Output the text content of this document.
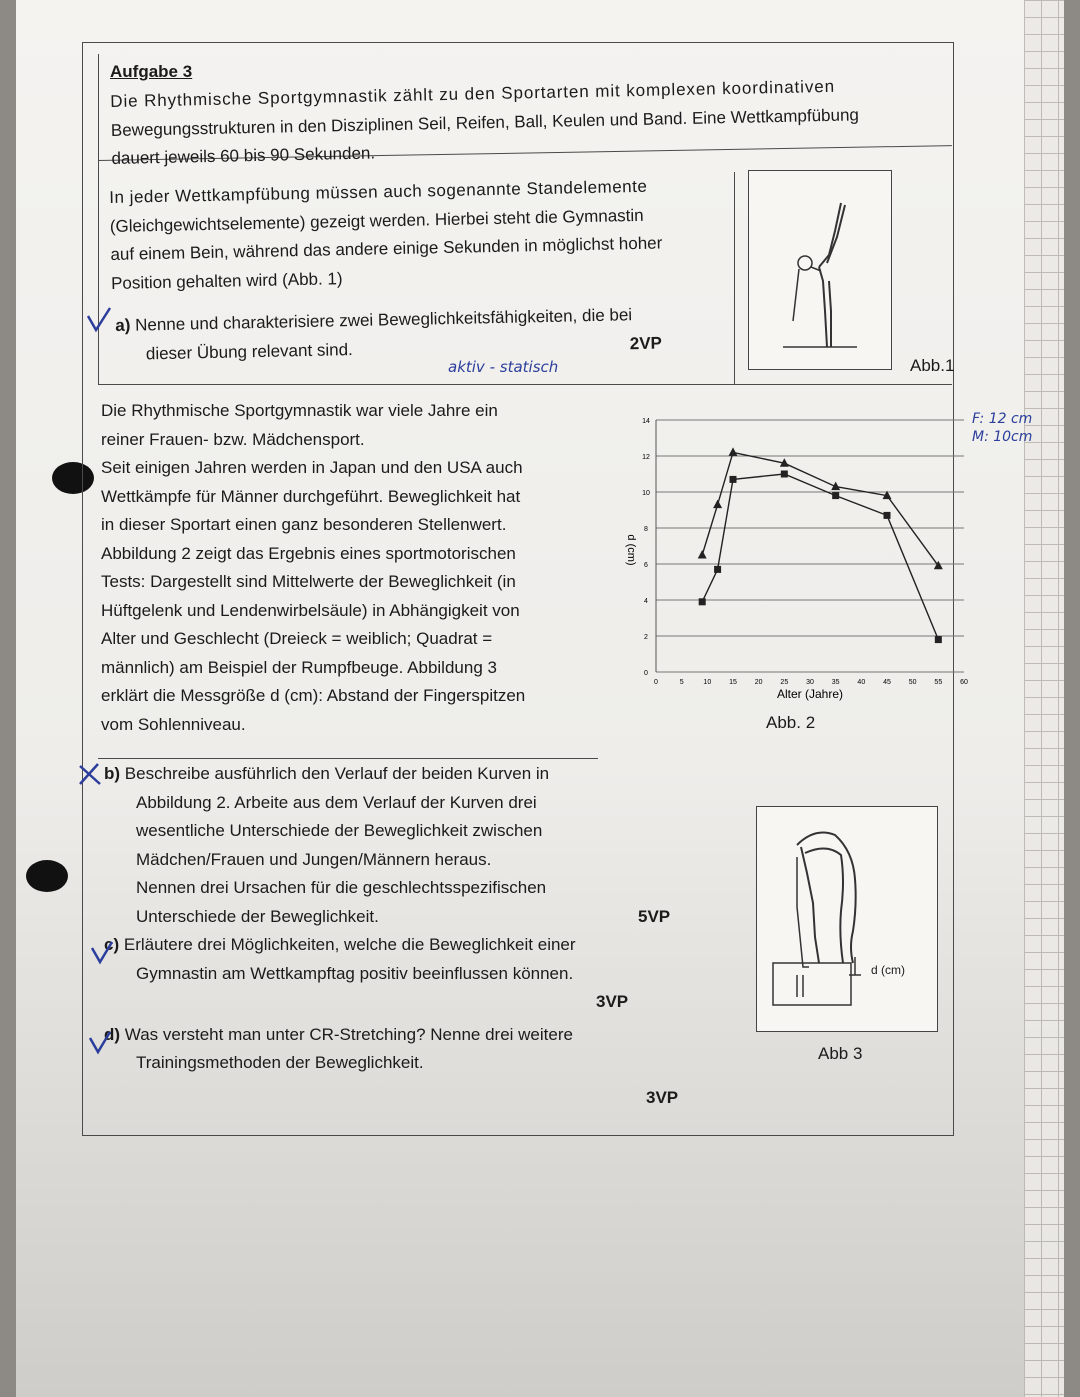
Aufgabe 3
Die Rhythmische Sportgymnastik zählt zu den Sportarten mit komplexen koordinativen
Bewegungsstrukturen in den Disziplinen Seil, Reifen, Ball, Keulen und Band. Eine Wettkampfübung
dauert jeweils 60 bis 90 Sekunden.
In jeder Wettkampfübung müssen auch sogenannte Standelemente
(Gleichgewichtselemente) gezeigt werden. Hierbei steht die Gymnastin
auf einem Bein, während das andere einige Sekunden in möglichst hoher
Position gehalten wird (Abb. 1)
a) Nenne und charakterisiere zwei Beweglichkeitsfähigkeiten, die bei
dieser Übung relevant sind.	2VP
aktiv - statisch	Abb.1
Die Rhythmische Sportgymnastik war viele Jahre ein
reiner Frauen- bzw. Mädchensport.
Seit einigen Jahren werden in Japan und den USA auch
Wettkämpfe für Männer durchgeführt. Beweglichkeit hat
in dieser Sportart einen ganz besonderen Stellenwert.
Abbildung 2 zeigt das Ergebnis eines sportmotorischen
Tests: Dargestellt sind Mittelwerte der Beweglichkeit (in
Hüftgelenk und Lendenwirbelsäule) in Abhängigkeit von
Alter und Geschlecht (Dreieck = weiblich; Quadrat =
männlich) am Beispiel der Rumpfbeuge. Abbildung 3
erklärt die Messgröße d (cm): Abstand der Fingerspitzen
vom Sohlenniveau.
0
2
4
6
8
10
12
14
0	5	10	15	20	25	30	35	40	45	50	55	60
Alter (Jahre)
d (cm)
Abb. 2
b) Beschreibe ausführlich den Verlauf der beiden Kurven in
Abbildung 2. Arbeite aus dem Verlauf der Kurven drei
wesentliche Unterschiede der Beweglichkeit zwischen
Mädchen/Frauen und Jungen/Männern heraus.
Nennen drei Ursachen für die geschlechtsspezifischen
Unterschiede der Beweglichkeit.	5VP
c) Erläutere drei Möglichkeiten, welche die Beweglichkeit einer
Gymnastin am Wettkampftag positiv beeinflussen können.
3VP
d) Was versteht man unter CR-Stretching? Nenne drei weitere
Trainingsmethoden der Beweglichkeit.
3VP
d (cm)
Abb 3
F: 12 cm
M: 10cm
